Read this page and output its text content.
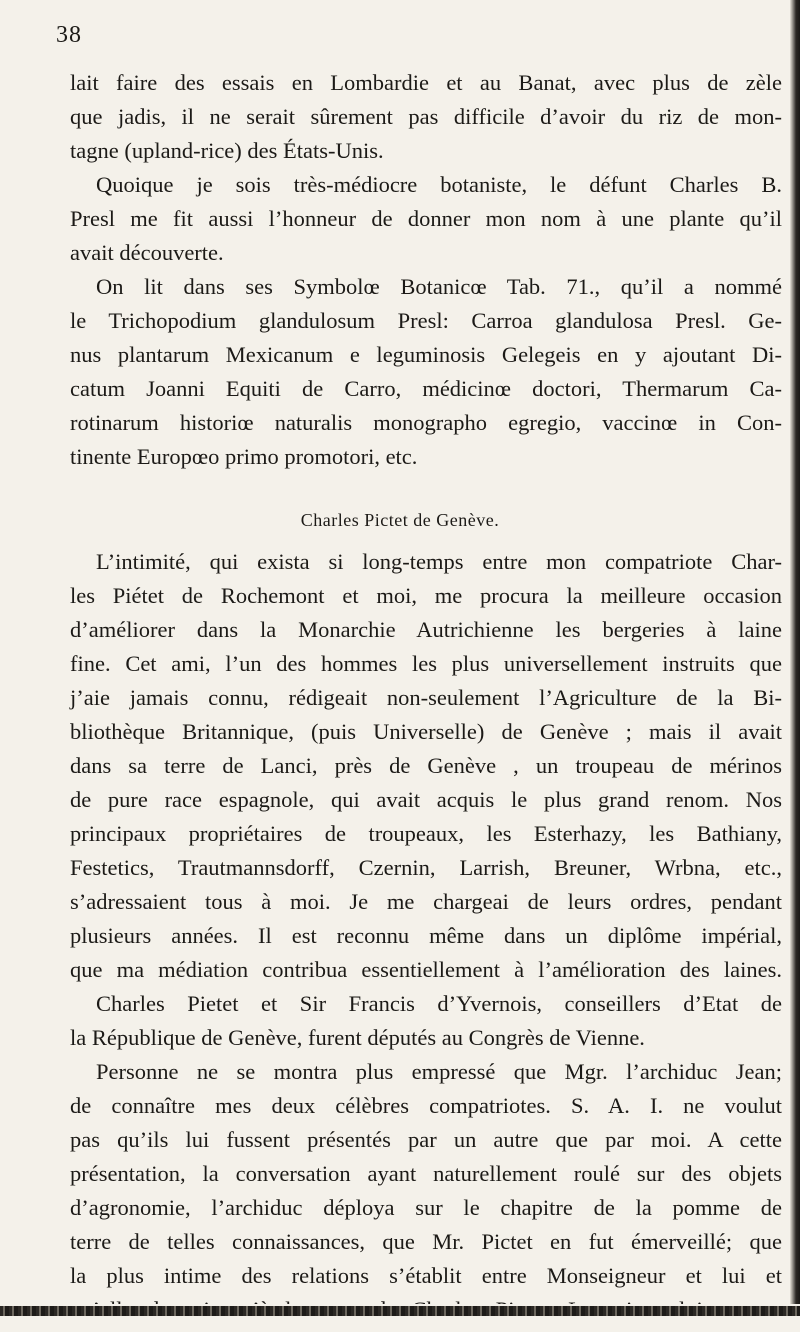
38
lait faire des essais en Lombardie et au Banat, avec plus de zèle
que jadis, il ne serait sûrement pas difficile d’avoir du riz de mon-
tagne (upland-rice) des États-Unis.
Quoique je sois très-médiocre botaniste, le défunt Charles B.
Presl me fit aussi l’honneur de donner mon nom à une plante qu’il
avait découverte.
On lit dans ses Symbolœ Botanicœ Tab. 71., qu’il a nommé
le Trichopodium glandulosum Presl: Carroa glandulosa Presl. Ge-
nus plantarum Mexicanum e leguminosis Gelegeis en y ajoutant Di-
catum Joanni Equiti de Carro, médicinœ doctori, Thermarum Ca-
rotinarum historiœ naturalis monographo egregio, vaccinœ in Con-
tinente Europœo primo promotori, etc.
Charles Pictet de Genève.
L’intimité, qui exista si long-temps entre mon compatriote Char-
les Piétet de Rochemont et moi, me procura la meilleure occasion
d’améliorer dans la Monarchie Autrichienne les bergeries à laine
fine. Cet ami, l’un des hommes les plus universellement instruits que
j’aie jamais connu, rédigeait non-seulement l’Agriculture de la Bi-
bliothèque Britannique, (puis Universelle) de Genève ; mais il avait
dans sa terre de Lanci, près de Genève , un troupeau de mérinos
de pure race espagnole, qui avait acquis le plus grand renom. Nos
principaux propriétaires de troupeaux, les Esterhazy, les Bathiany,
Festetics, Trautmannsdorff, Czernin, Larrish, Breuner, Wrbna, etc.,
s’adressaient tous à moi. Je me chargeai de leurs ordres, pendant
plusieurs années. Il est reconnu même dans un diplôme impérial,
que ma médiation contribua essentiellement à l’amélioration des laines.
Charles Pietet et Sir Francis d’Yvernois, conseillers d’Etat de
la République de Genève, furent députés au Congrès de Vienne.
Personne ne se montra plus empressé que Mgr. l’archiduc Jean;
de connaître mes deux célèbres compatriotes. S. A. I. ne voulut
pas qu’ils lui fussent présentés par un autre que par moi. A cette
présentation, la conversation ayant naturellement roulé sur des objets
d’agronomie, l’archiduc déploya sur le chapitre de la pomme de
terre de telles connaissances, que Mr. Pictet en fut émerveillé; que
la plus intime des relations s’établit entre Monseigneur et lui et
